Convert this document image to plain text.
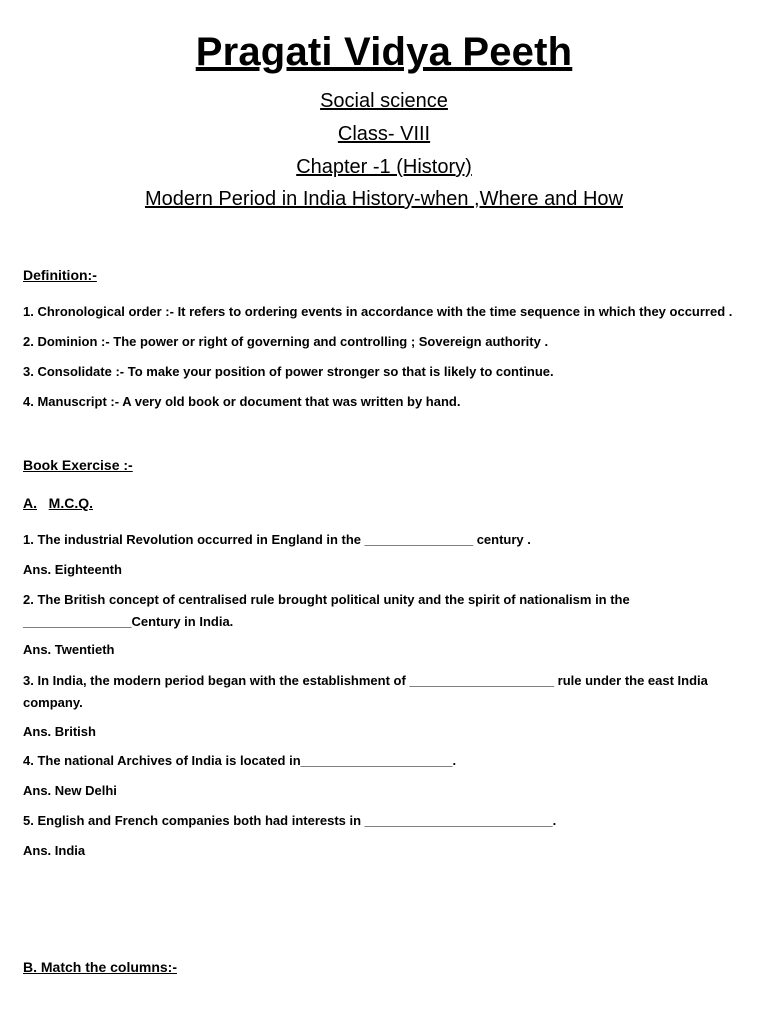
Pragati Vidya Peeth
Social science
Class- VIII
Chapter -1 (History)
Modern Period in India History-when ,Where and How
Definition:-
1. Chronological order :- It refers to ordering events in accordance with the time sequence in which they occurred .
2. Dominion :- The power or right of governing and controlling ; Sovereign authority .
3. Consolidate :- To make your position of power stronger so that is likely to continue.
4. Manuscript :- A very old book or document that was written by hand.
Book Exercise :-
A. M.C.Q.
1. The industrial Revolution occurred in England in the _______________ century .
Ans. Eighteenth
2. The British concept of centralised rule brought political unity and the spirit of nationalism in the _______________Century in India.
Ans. Twentieth
3. In India, the modern period began with the establishment of ____________________ rule under the east India company.
Ans. British
4. The national Archives of India is located in_____________________.
Ans. New Delhi
5. English and French companies both had interests in __________________________.
Ans. India
B. Match the columns:-
